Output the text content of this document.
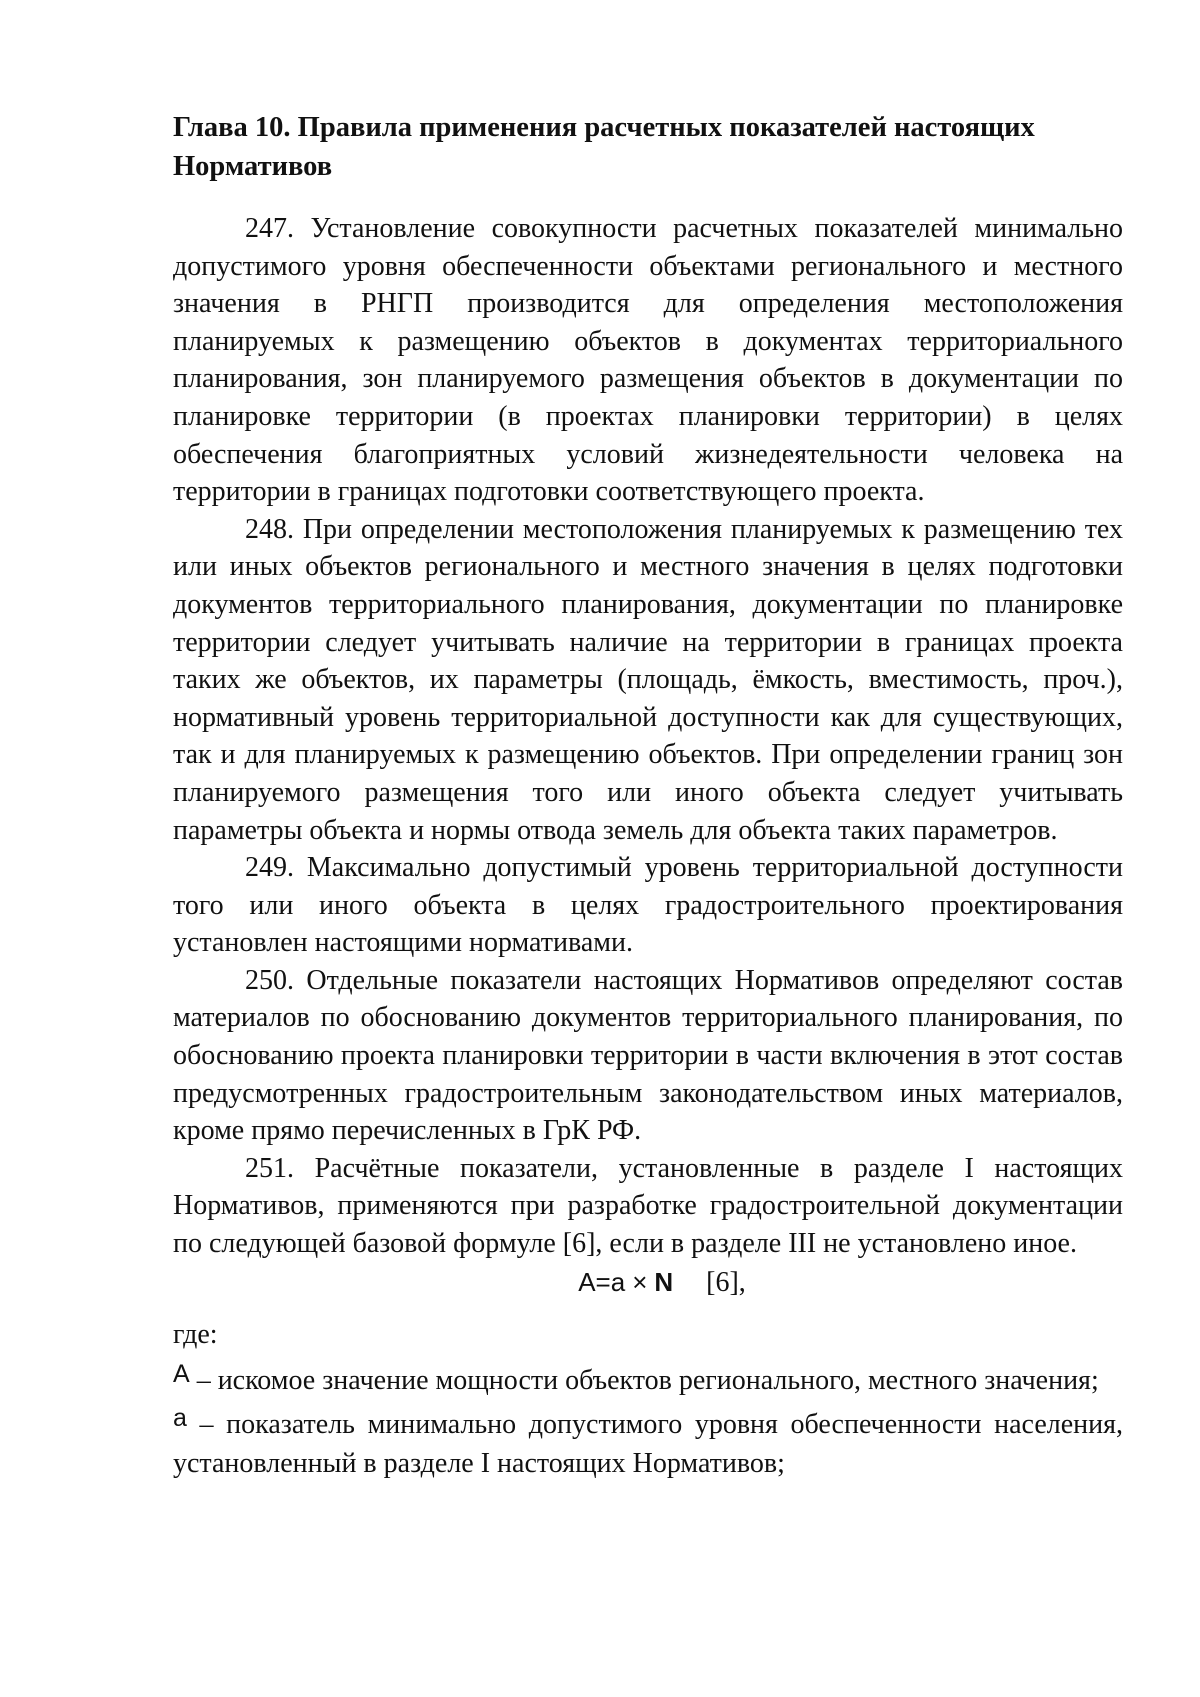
Глава 10. Правила применения расчетных показателей настоящих Нормативов

247. Установление совокупности расчетных показателей минимально допустимого уровня обеспеченности объектами регионального и местного значения в РНГП производится для определения местоположения планируемых к размещению объектов в документах территориального планирования, зон планируемого размещения объектов в документации по планировке территории (в проектах планировки территории) в целях обеспечения благоприятных условий жизнедеятельности человека на территории в границах подготовки соответствующего проекта.

248. При определении местоположения планируемых к размещению тех или иных объектов регионального и местного значения в целях подготовки документов территориального планирования, документации по планировке территории следует учитывать наличие на территории в границах проекта таких же объектов, их параметры (площадь, ёмкость, вместимость, проч.), нормативный уровень территориальной доступности как для существующих, так и для планируемых к размещению объектов. При определении границ зон планируемого размещения того или иного объекта следует учитывать параметры объекта и нормы отвода земель для объекта таких параметров.

249. Максимально допустимый уровень территориальной доступности того или иного объекта в целях градостроительного проектирования установлен настоящими нормативами.

250. Отдельные показатели настоящих Нормативов определяют состав материалов по обоснованию документов территориального планирования, по обоснованию проекта планировки территории в части включения в этот состав предусмотренных градостроительным законодательством иных материалов, кроме прямо перечисленных в ГрК РФ.

251. Расчётные показатели, установленные в разделе I настоящих Нормативов, применяются при разработке градостроительной документации по следующей базовой формуле [6], если в разделе III не установлено иное.

A=a × N [6],
где:

A – искомое значение мощности объектов регионального, местного значения;

a – показатель минимально допустимого уровня обеспеченности населения, установленный в разделе I настоящих Нормативов;
